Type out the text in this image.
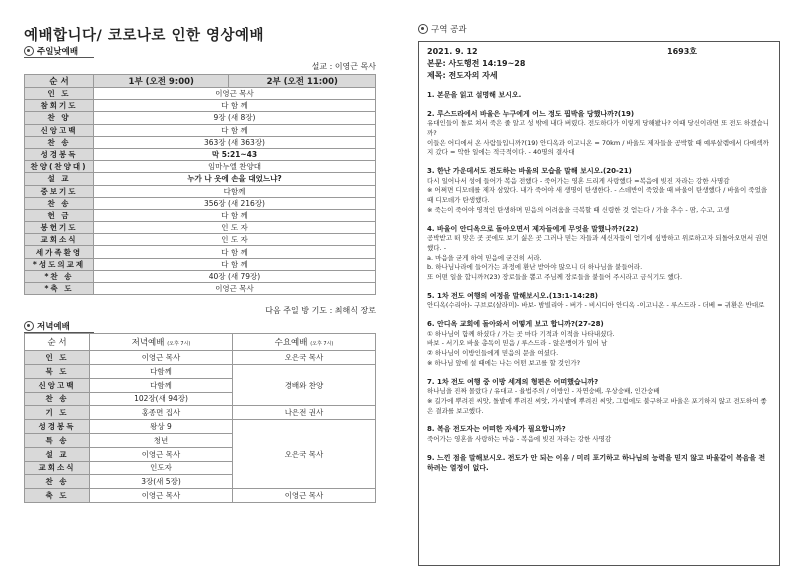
예배합니다/ 코로나로 인한 영상예배
주일낮예배
설교 : 이영근 목사
순 서	1부 (오전 9:00)	2부 (오전 11:00)
인 도	이영근 목사	
참회기도	다 함 께	
찬 양	9장 (새 8장)	
신앙고백	다 함 께	
찬 송	363장 (새 363장)	
성경봉독	막 5:21~43	
찬양(찬양대)	임마누엘 찬양대	
설 교	누가 나 옷에 손을 대었느냐?	
중보기도	다함께	
찬 송	356장 (새 216장)	
헌 금	다 함 께	
봉헌기도	인 도 자	
교회소식	인 도 자	
세가족환영	다 함 께	
*성도의교제	다 함 께	
*찬 송	40장 (새 79장)	
*축 도	이영근 목사	
다음 주일 방 기도 : 최해식 장로
저녁예배
순 서	저녁예배 (오후 7시)	수요예배 (오후 7시)
인 도	이영근 목사	오은국 목사
묵 도	다함께	경배와 찬양
신앙고백	다함께	
찬 송	102장(새 94장)	
기 도	홍종면 집사	나은전 권사
성경봉독	왕상 9	오은국 목사
특 송	청년	
설 교	이영근 목사	
교회소식	인도자	
찬 송	3장(새 5장)	
축 도	이영근 목사	이영근 목사
구역 공과
2021. 9. 12	1693호
본문: 사도행전 14:19~28
제목: 전도자의 자세
1. 본문을 읽고 설명해 보시오.
2. 루스드라에서 바울은 누구에게 어느 정도 핍박을 당했나까?(19)
유대인들이 돌로 쳐서 죽은 줄 알고 성 밖에 내다 버렸다. 전도하다가 이렇게 당해봤나? 이때 당신이라면 또 전도 하겠습니까?
이들은 어디에서 온 사람들입니까?(19) 안디옥과 이고니온 = 70km / 바울도 제자들을 공박할 때 예루살렘에서 다메섹까지 갔다 = 악한 일에는 적극적이다. - 40명의 결사대
3. 한난 가운데서도 전도하는 바울의 모습을 말해 보시오.(20-21)
다시 일어나서 성에 들어가 복음 전했다 - 죽어가는 영혼 드리게 사랑했다 =복음에 빚진 자라는 강한 사명감
※ 어쩌면 디모데를 제자 삼았다. 내가 죽어야 새 생명이 탄생한다. - 스데반이 죽었을 때 바울이 탄생했다 / 바울이 죽었을 때 디모데가 탄생했다.
※ 죽는이 죽어야 영적인 탄생하며 믿음의 어려움을 극복할 때 신령한 것 얻는다 / 가을 추수 - 땀, 수고, 고생
4. 바울이 안디옥으로 돌아오면서 제자들에게 무엇을 말했나까?(22)
공박받고 떠 맞은 곳 곳에도 보기 싫은 곳 그러나 믿는 자들과 세신자들이 얻기에 심방하고 위로하고자 되돌아오면서 권면했다. -
a. 마음을 굳게 하여 믿음에 굳건히 서라.
b. 하나님나라에 들어가는 과정에 환난 받아야 많으니 더 하나님을 붙들어라.
또 어떤 일을 합니까?(23) 장로들을 뽑고 주님께 장로들을 붙들어 주시라고 금식기도 했다.
5. 1차 전도 여행의 여정을 말해보시오.(13:1-14:28)
안디옥(수리아)- 구브로(살라미)- 바보- 밤빌리아 - 버가 - 비시디아 안디옥 -이고니온 - 루스드라 - 더베 = 귀환은 반대로
6. 안디옥 교회에 돌아와서 어떻게 보고 합니까?(27-28)
① 하나님이 함께 하셨다 / 가는 곳 마다 기적과 이적을 나타내셨다.
바보 - 서기오 바울 총독이 믿음 / 루스드라 - 앉은뱅이가 일어 남
② 하나님이 이방인들에게 믿음의 문을 여셨다.
※ 하나님 앞에 설 때에는 나는 어떤 보고를 할 것인가?
7. 1차 전도 여행 중 이방 세계의 형편은 어떠했습니까?
하나님을 진짜 몰랐다 / 유대교 - 율법주의 / 이방인 - 자연숭배, 우상숭배, 인간숭배
※ 길가에 뿌려진 씨앗, 돌밭에 뿌려진 씨앗, 가시밭에 뿌려진 씨앗, 그럼에도 불구하고 바울은 포기하지 않고 전도하여 좋은 결과를 보고했다.
8. 복음 전도자는 어떠한 자세가 필요합니까?
죽어가는 영혼을 사랑하는 마음 - 복음에 빚진 자라는 강한 사명감
9. 느낀 점을 말해보시오. 전도가 안 되는 이유 / 미리 포기하고 하나님의 능력을 믿지 않고 바울같이 복음을 전하려는 열정이 없다.
